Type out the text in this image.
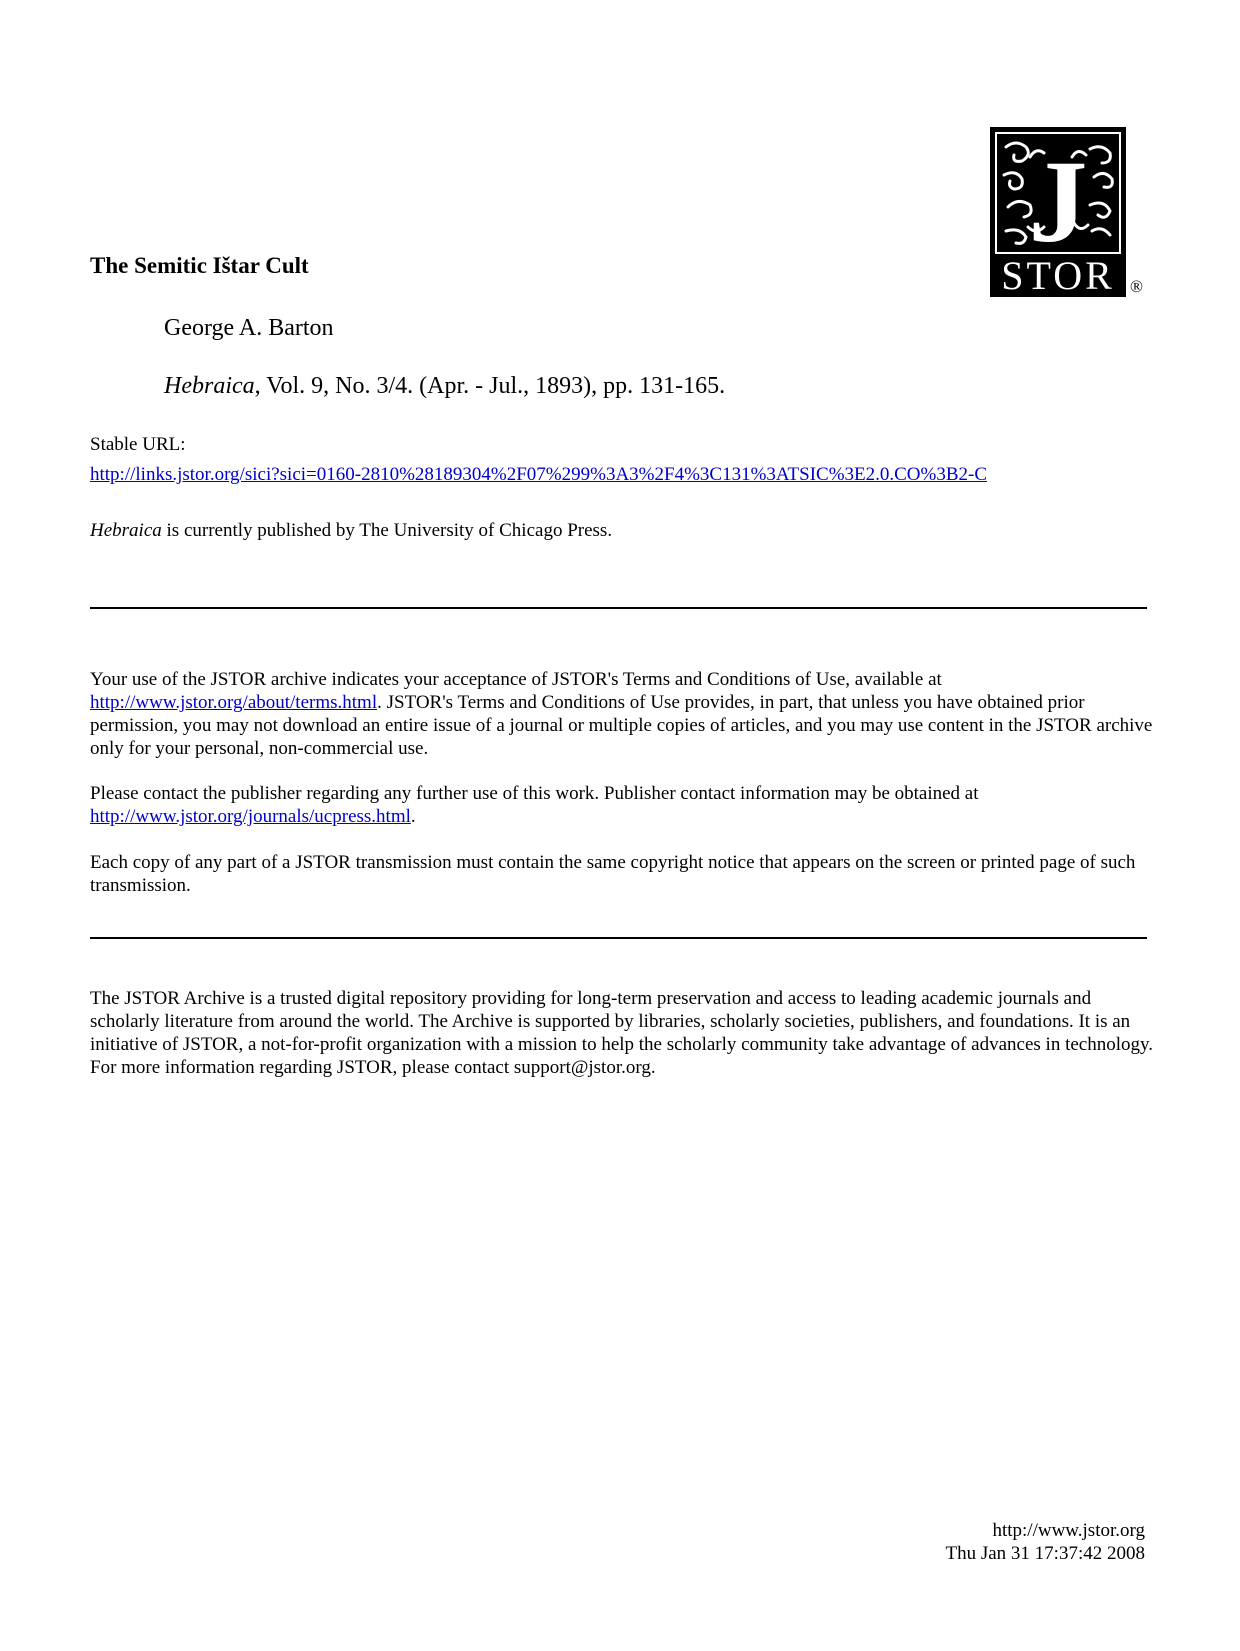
J
STOR ®
The Semitic Ištar Cult
George A. Barton
Hebraica, Vol. 9, No. 3/4. (Apr. - Jul., 1893), pp. 131-165.
Stable URL:
http://links.jstor.org/sici?sici=0160-2810%28189304%2F07%299%3A3%2F4%3C131%3ATSIC%3E2.0.CO%3B2-C
Hebraica is currently published by The University of Chicago Press.
Your use of the JSTOR archive indicates your acceptance of JSTOR's Terms and Conditions of Use, available at http://www.jstor.org/about/terms.html. JSTOR's Terms and Conditions of Use provides, in part, that unless you have obtained prior permission, you may not download an entire issue of a journal or multiple copies of articles, and you may use content in the JSTOR archive only for your personal, non-commercial use.
Please contact the publisher regarding any further use of this work. Publisher contact information may be obtained at http://www.jstor.org/journals/ucpress.html.
Each copy of any part of a JSTOR transmission must contain the same copyright notice that appears on the screen or printed page of such transmission.
The JSTOR Archive is a trusted digital repository providing for long-term preservation and access to leading academic journals and scholarly literature from around the world. The Archive is supported by libraries, scholarly societies, publishers, and foundations. It is an initiative of JSTOR, a not-for-profit organization with a mission to help the scholarly community take advantage of advances in technology. For more information regarding JSTOR, please contact support@jstor.org.
http://www.jstor.org
Thu Jan 31 17:37:42 2008
